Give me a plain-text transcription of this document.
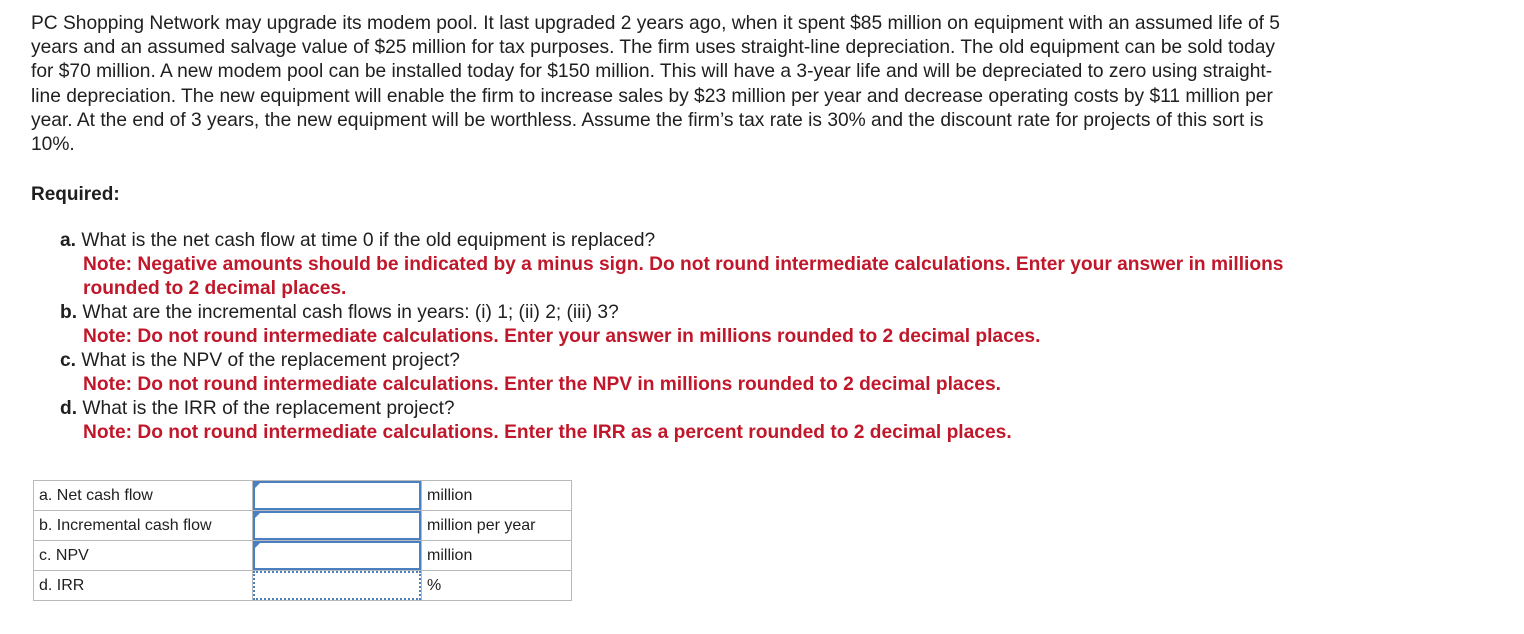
PC Shopping Network may upgrade its modem pool. It last upgraded 2 years ago, when it spent $85 million on equipment with an assumed life of 5 years and an assumed salvage value of $25 million for tax purposes. The firm uses straight-line depreciation. The old equipment can be sold today for $70 million. A new modem pool can be installed today for $150 million. This will have a 3-year life and will be depreciated to zero using straight-line depreciation. The new equipment will enable the firm to increase sales by $23 million per year and decrease operating costs by $11 million per year. At the end of 3 years, the new equipment will be worthless. Assume the firm’s tax rate is 30% and the discount rate for projects of this sort is 10%.

Required:

a. What is the net cash flow at time 0 if the old equipment is replaced?
Note: Negative amounts should be indicated by a minus sign. Do not round intermediate calculations. Enter your answer in millions rounded to 2 decimal places.
b. What are the incremental cash flows in years: (i) 1; (ii) 2; (iii) 3?
Note: Do not round intermediate calculations. Enter your answer in millions rounded to 2 decimal places.
c. What is the NPV of the replacement project?
Note: Do not round intermediate calculations. Enter the NPV in millions rounded to 2 decimal places.
d. What is the IRR of the replacement project?
Note: Do not round intermediate calculations. Enter the IRR as a percent rounded to 2 decimal places.
a. Net cash flow		million
b. Incremental cash flow		million per year
c. NPV		million
d. IRR		%
